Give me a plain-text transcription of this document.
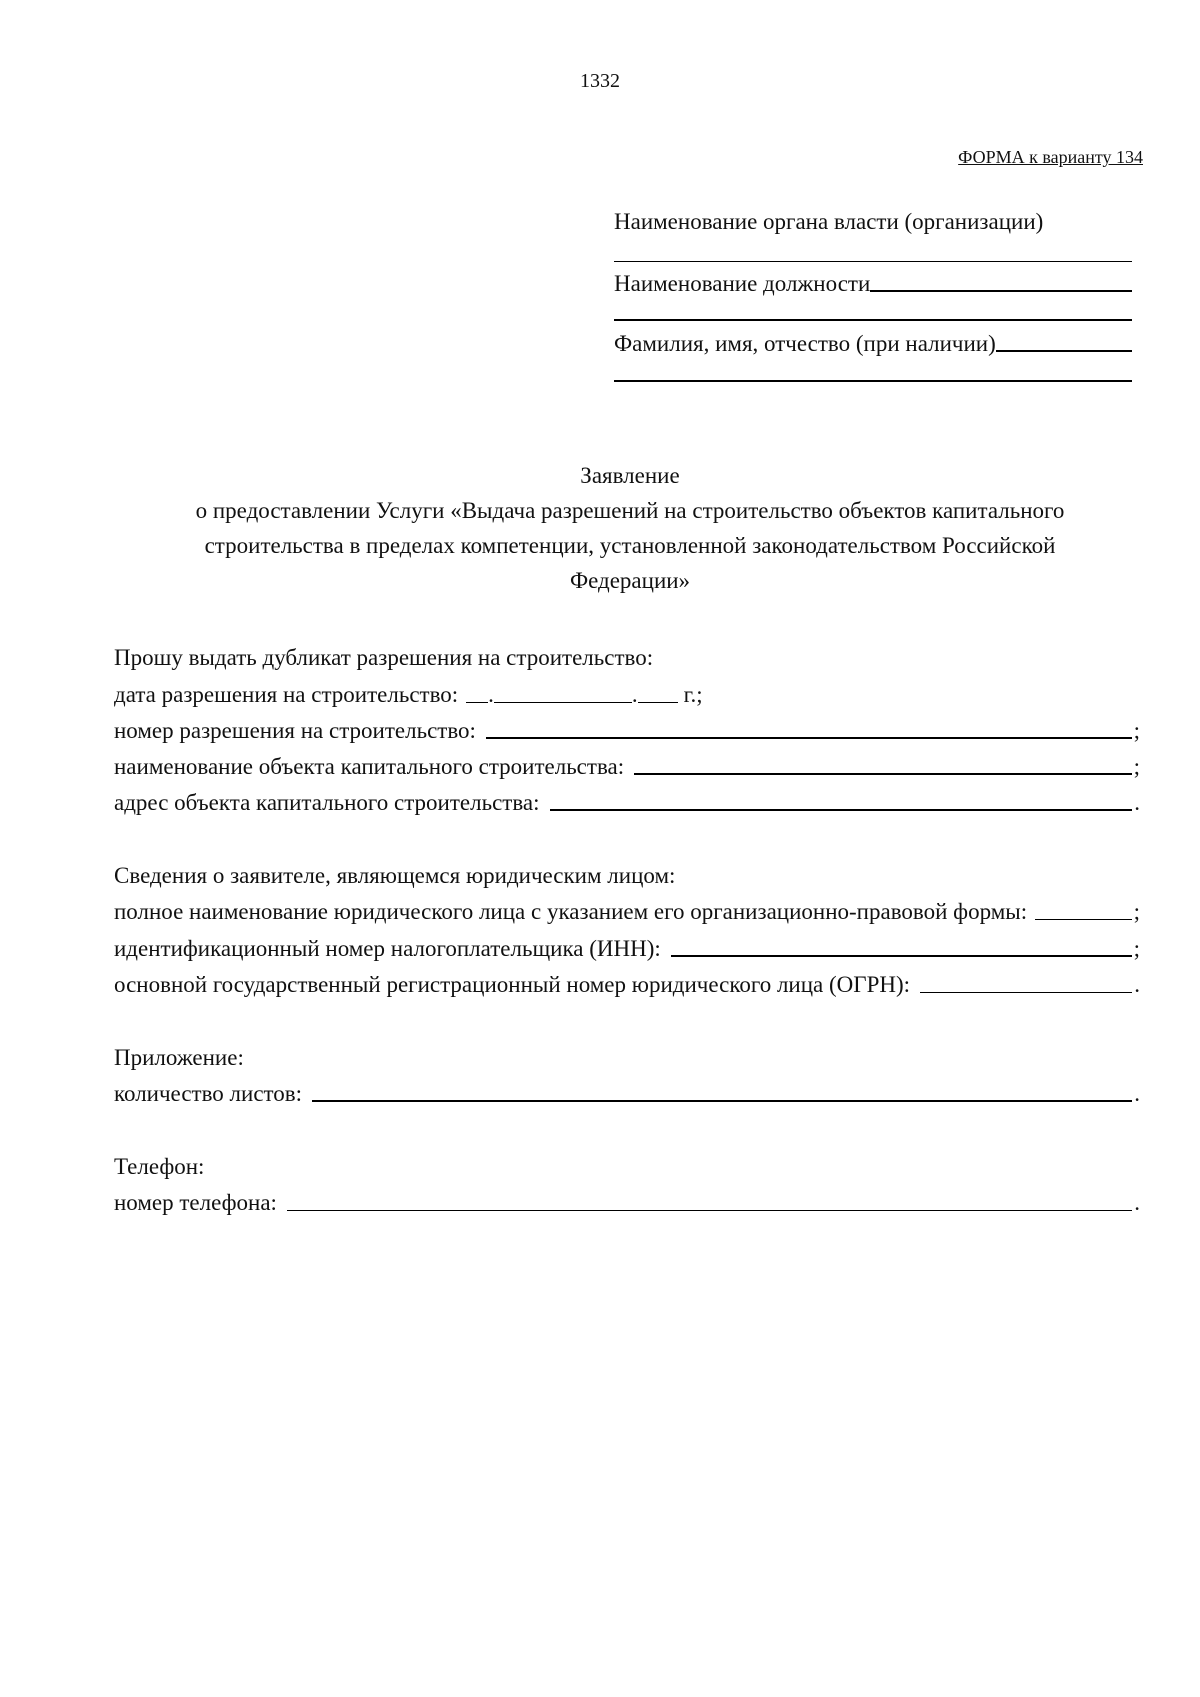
1332
ФОРМА к варианту 134
Наименование органа власти (организации)
Наименование должности
Фамилия, имя, отчество (при наличии)
Заявление
о предоставлении Услуги «Выдача разрешений на строительство объектов капитального
строительства в пределах компетенции, установленной законодательством Российской
Федерации»
Прошу выдать дубликат разрешения на строительство:
дата разрешения на строительство: .	. г.;
номер разрешения на строительство:	;
наименование объекта капитального строительства:	;
адрес объекта капитального строительства:	.
Сведения о заявителе, являющемся юридическим лицом:
полное наименование юридического лица с указанием его организационно-правовой формы:	;
идентификационный номер налогоплательщика (ИНН):	;
основной государственный регистрационный номер юридического лица (ОГРН):	.
Приложение:
количество листов:	.
Телефон:
номер телефона:	.
